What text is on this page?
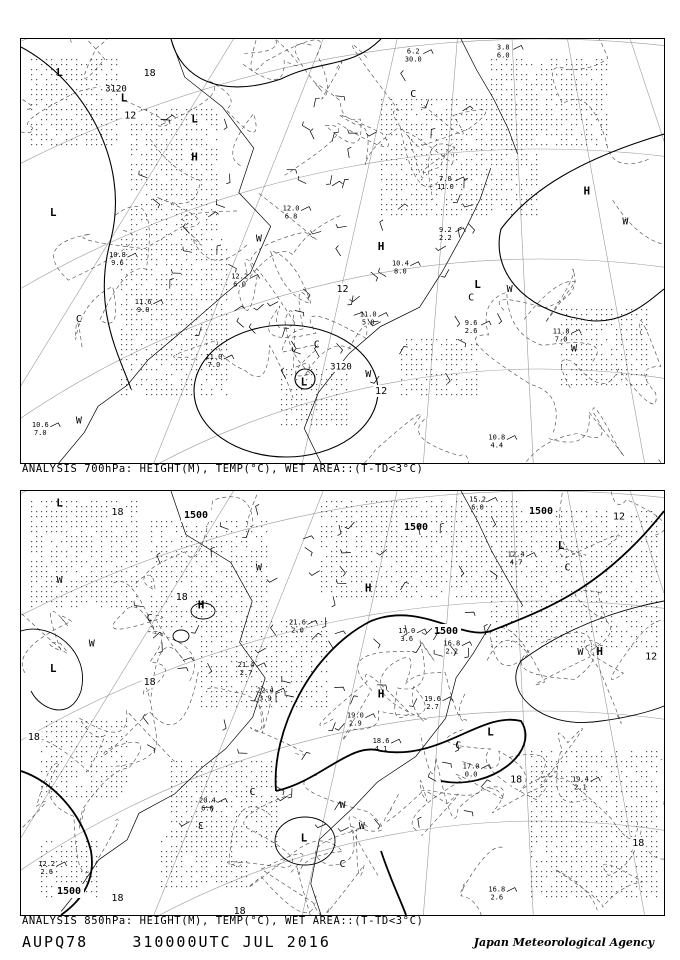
3120
3120
11.0
5.0
11.0
7.0
9.6
2.6	11.8
7.0
10.8
4.4
11.6
9.0
10.8
9.6
9.2
2.2
10.4
8.0
12.2
6.0
6.2
30.0
3.8
6.0
7.0
11.0
12.0
6.8
10.6
7.0
L
L
L
H
L
H
L
H
L
C
C
C
C
W
W
W
W
W
W
18
12
12
12
ANALYSIS 700hPa: HEIGHT(M), TEMP(°C), WET AREA::(T-TD<3°C)
1500
1500
1500
1500
1500
17.0
0.0
19.4
2.1
16.8
2.6
20.4
6.0
19.0
2.9
17.0
3.6
16.8
2.2
19.6
2.7
18.6
4.1
21.4
2.7
22.4
3.9
21.6
2.0
15.2
6.0
12.4
4.7
12.2
2.6
L
L
H
H
H
L
H
L
L
C
C
C
C
C
W
W
W
W
W
W
Ɛ
18
18
18
18
18
18
18
18
12
12
ANALYSIS 850hPa: HEIGHT(M), TEMP(°C), WET AREA::(T-TD<3°C)
AUPQ78	310000UTC JUL 2016	Japan Meteorological Agency
